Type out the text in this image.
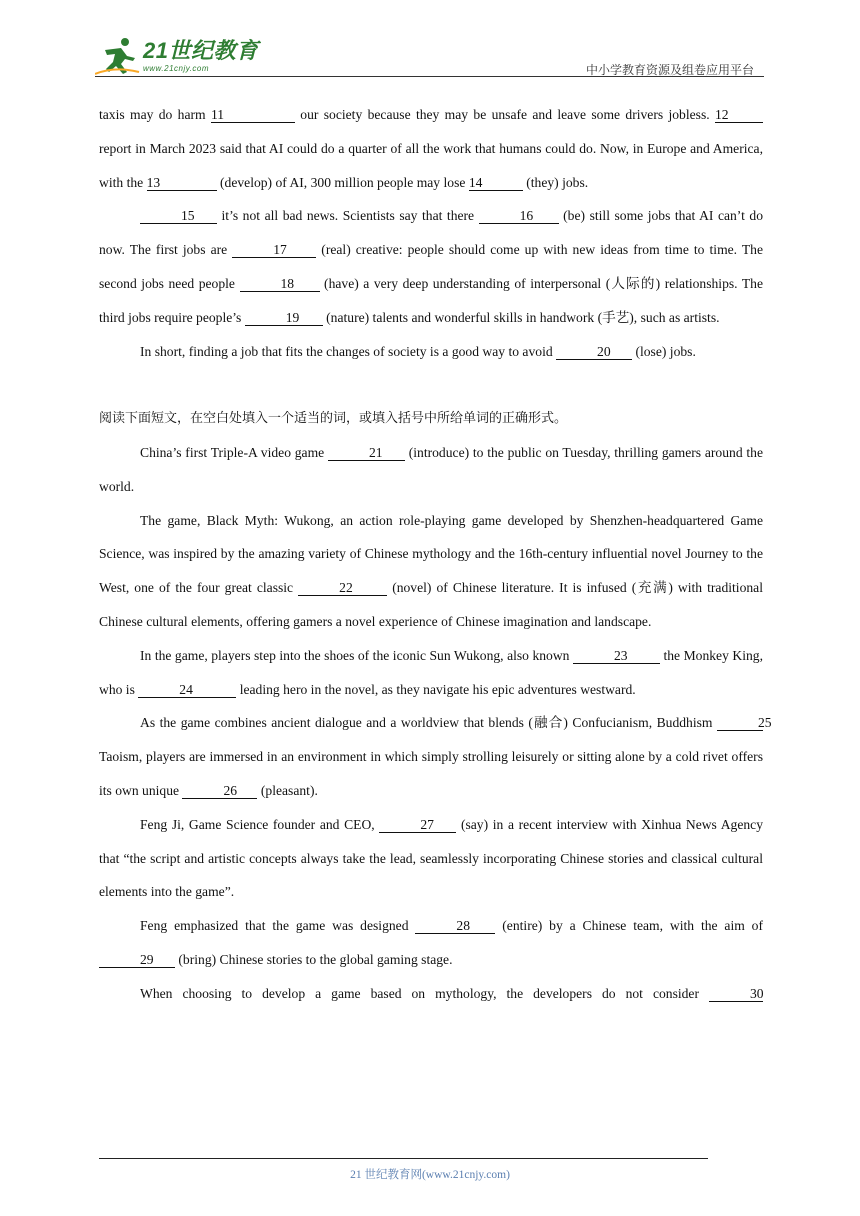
21世纪教育
www.21cnjy.com	中小学教育资源及组卷应用平台

taxis may do harm 11	our society because they may be unsafe and leave some drivers jobless. 12 report in March 2023 said that AI could do a quarter of all the work that humans could do. Now, in Europe and America, with the 13	(develop) of AI, 300 million people may lose 14	(they) jobs.

15 it’s not all bad news. Scientists say that there	16 (be) still some jobs that AI can’t do now. The first jobs are	17	(real) creative: people should come up with new ideas from time to time. The second jobs need people	18 (have) a very deep understanding of interpersonal (人际的) relationships. The third jobs require people’s	19 (nature) talents and wonderful skills in handwork (手艺), such as artists.

In short, finding a job that fits the changes of society is a good way to avoid	20 (lose) jobs.

阅读下面短文，在空白处填入一个适当的词，或填入括号中所给单词的正确形式。

China’s first Triple-A video game	21 (introduce) to the public on Tuesday, thrilling gamers around the world.

The game, Black Myth: Wukong, an action role-playing game developed by Shenzhen-headquartered Game Science, was inspired by the amazing variety of Chinese mythology and the 16th-century influential novel Journey to the West, one of the four great classic	22	(novel) of Chinese literature. It is infused (充满) with traditional Chinese cultural elements, offering gamers a novel experience of Chinese imagination and landscape.

In the game, players step into the shoes of the iconic Sun Wukong, also known	23	the Monkey King, who is	24	leading hero in the novel, as they navigate his epic adventures westward.

As the game combines ancient dialogue and a worldview that blends (融合) Confucianism, Buddhism	25 Taoism, players are immersed in an environment in which simply strolling leisurely or sitting alone by a cold rivet offers its own unique	26 (pleasant).

Feng Ji, Game Science founder and CEO,	27 (say) in a recent interview with Xinhua News Agency that “the script and artistic concepts always take the lead, seamlessly incorporating Chinese stories and classical cultural elements into the game”.

Feng emphasized that the game was designed	28 (entire) by a Chinese team, with the aim of 29 (bring) Chinese stories to the global gaming stage.

When choosing to develop a game based on mythology, the developers do not consider	30

21 世纪教育网(www.21cnjy.com)
